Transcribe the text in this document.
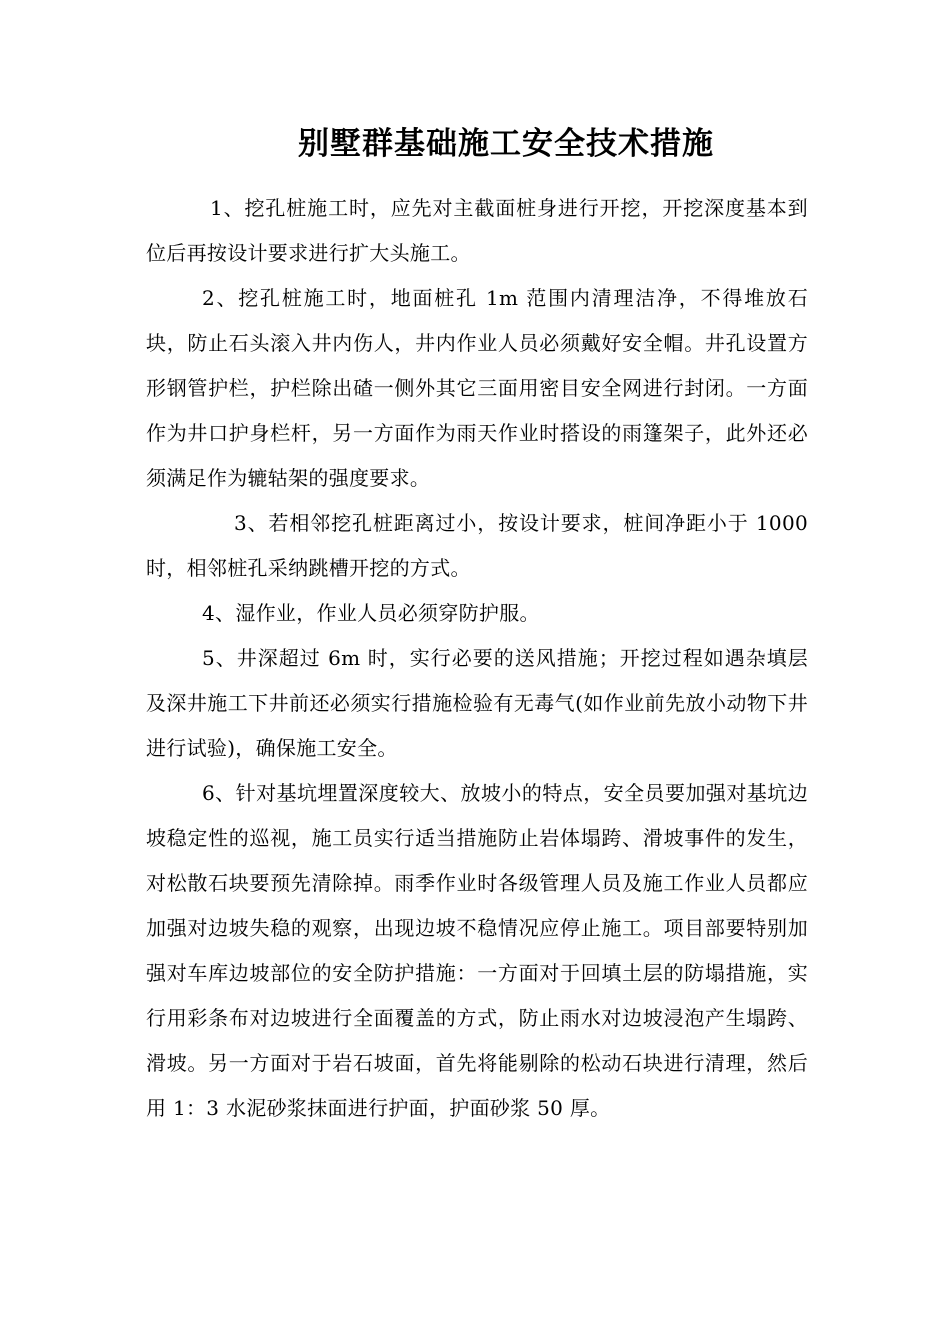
别墅群基础施工安全技术措施

1、挖孔桩施工时，应先对主截面桩身进行开挖，开挖深度基本到位后再按设计要求进行扩大头施工。

2、挖孔桩施工时，地面桩孔 1m 范围内清理洁净，不得堆放石块，防止石头滚入井内伤人，井内作业人员必须戴好安全帽。井孔设置方形钢管护栏，护栏除出碴一侧外其它三面用密目安全网进行封闭。一方面作为井口护身栏杆，另一方面作为雨天作业时搭设的雨篷架子，此外还必须满足作为辘轱架的强度要求。

3、若相邻挖孔桩距离过小，按设计要求，桩间净距小于 1000 时，相邻桩孔采纳跳槽开挖的方式。

4、湿作业，作业人员必须穿防护服。

5、井深超过 6m 时，实行必要的送风措施；开挖过程如遇杂填层及深井施工下井前还必须实行措施检验有无毒气(如作业前先放小动物下井进行试验)，确保施工安全。

6、针对基坑埋置深度较大、放坡小的特点，安全员要加强对基坑边坡稳定性的巡视，施工员实行适当措施防止岩体塌跨、滑坡事件的发生，对松散石块要预先清除掉。雨季作业时各级管理人员及施工作业人员都应加强对边坡失稳的观察，出现边坡不稳情况应停止施工。项目部要特别加强对车库边坡部位的安全防护措施：一方面对于回填土层的防塌措施，实行用彩条布对边坡进行全面覆盖的方式，防止雨水对边坡浸泡产生塌跨、滑坡。另一方面对于岩石坡面，首先将能剔除的松动石块进行清理，然后用 1：3 水泥砂浆抹面进行护面，护面砂浆 50 厚。
